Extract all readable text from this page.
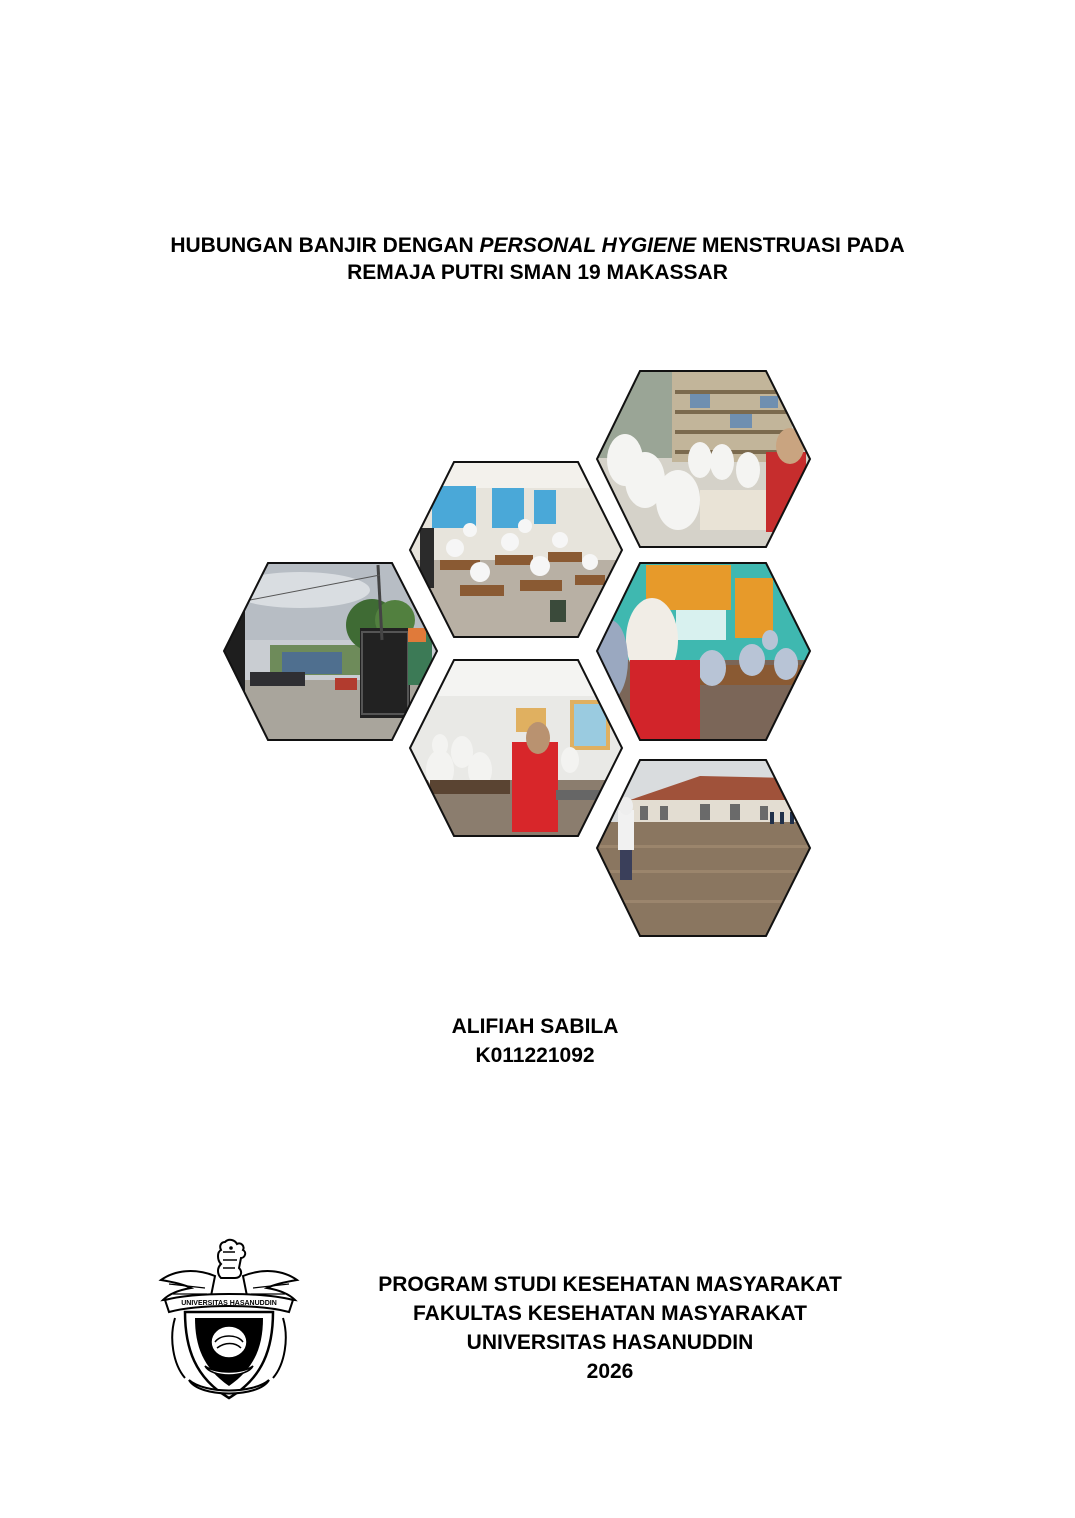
HUBUNGAN BANJIR DENGAN PERSONAL HYGIENE MENSTRUASI PADA
REMAJA PUTRI SMAN 19 MAKASSAR
ALIFIAH SABILA
K011221092
UNIVERSITAS HASANUDDIN
PROGRAM STUDI KESEHATAN MASYARAKAT
FAKULTAS KESEHATAN MASYARAKAT
UNIVERSITAS HASANUDDIN
2026
